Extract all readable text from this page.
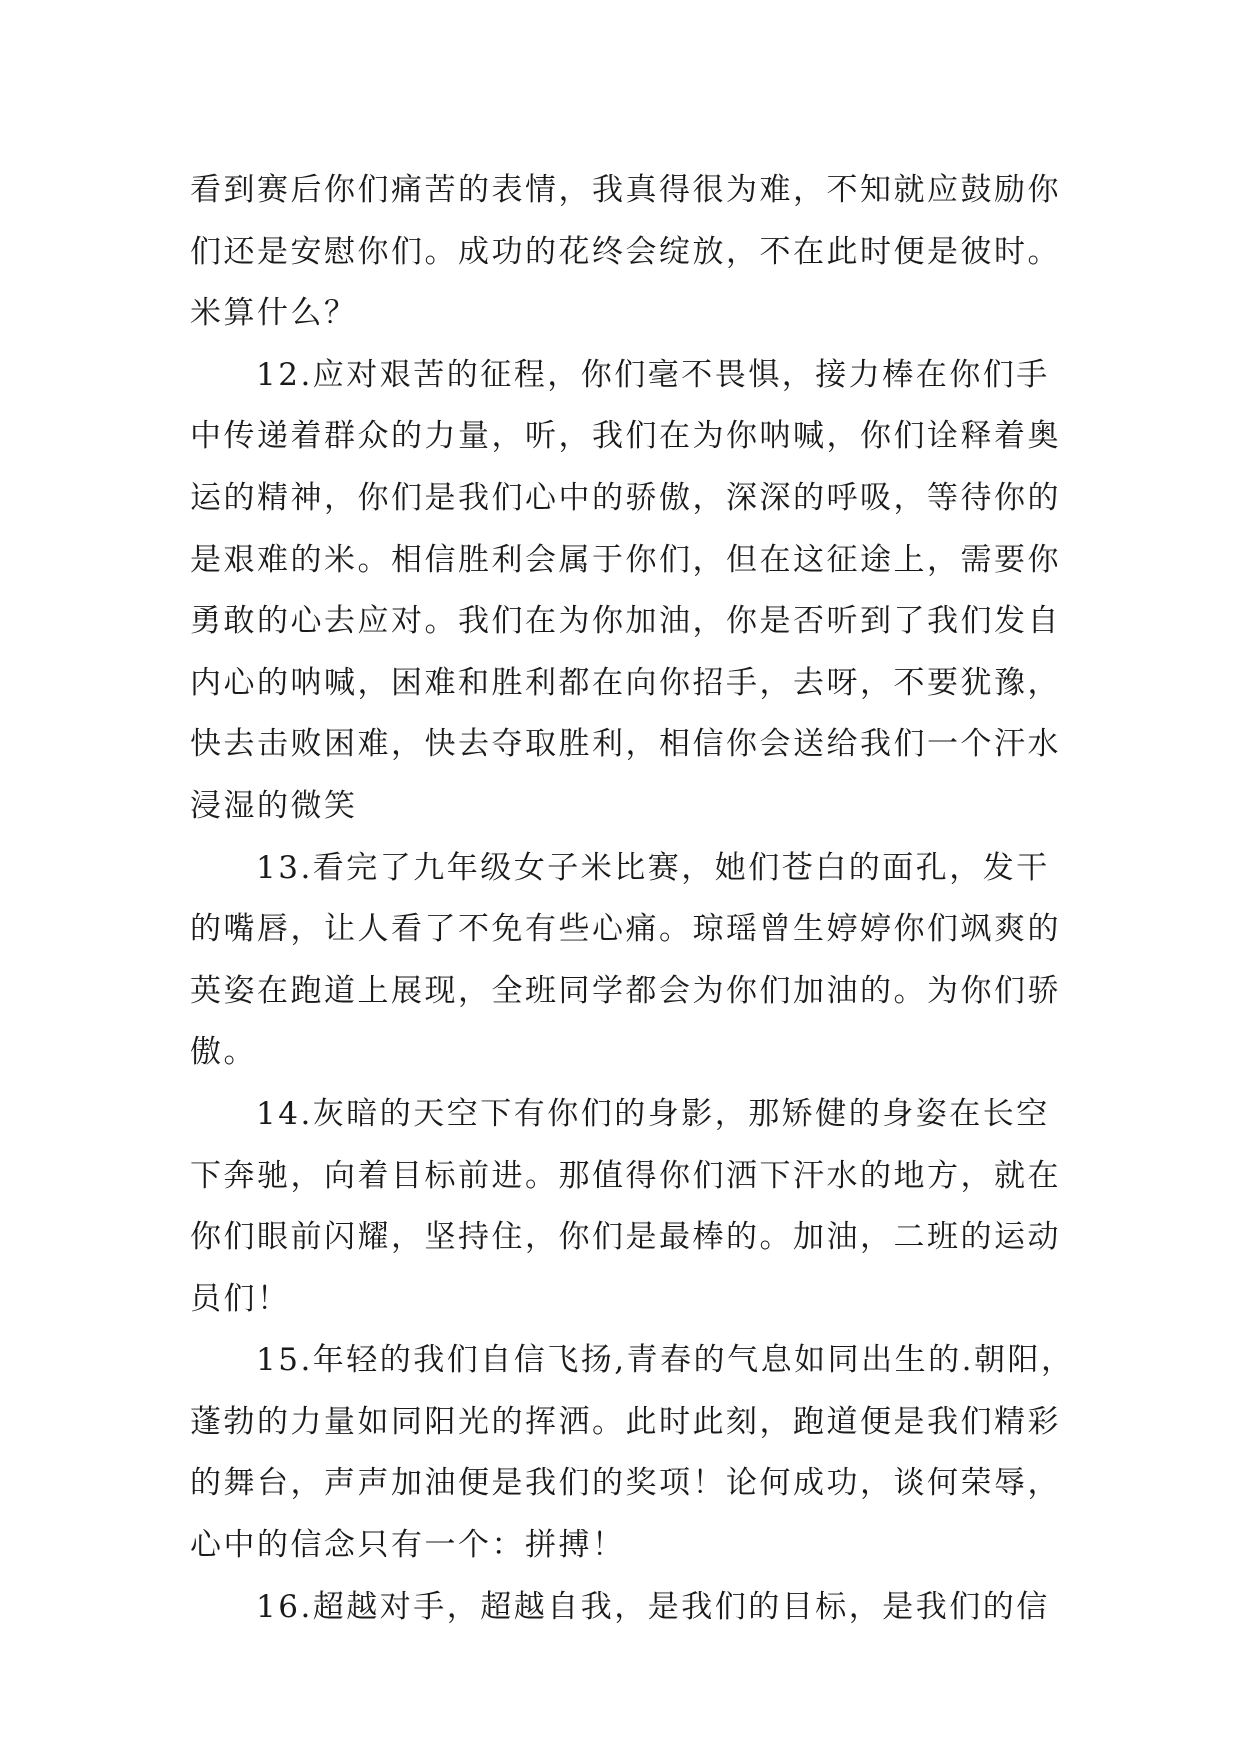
看到赛后你们痛苦的表情，我真得很为难，不知就应鼓励你
们还是安慰你们。成功的花终会绽放，不在此时便是彼时。
米算什么？
12.应对艰苦的征程，你们毫不畏惧，接力棒在你们手
中传递着群众的力量，听，我们在为你呐喊，你们诠释着奥
运的精神，你们是我们心中的骄傲，深深的呼吸，等待你的
是艰难的米。相信胜利会属于你们，但在这征途上，需要你
勇敢的心去应对。我们在为你加油，你是否听到了我们发自
内心的呐喊，困难和胜利都在向你招手，去呀，不要犹豫，
快去击败困难，快去夺取胜利，相信你会送给我们一个汗水
浸湿的微笑
13.看完了九年级女子米比赛，她们苍白的面孔，发干
的嘴唇，让人看了不免有些心痛。琼瑶曾生婷婷你们飒爽的
英姿在跑道上展现，全班同学都会为你们加油的。为你们骄
傲。
14.灰暗的天空下有你们的身影，那矫健的身姿在长空
下奔驰，向着目标前进。那值得你们洒下汗水的地方，就在
你们眼前闪耀，坚持住，你们是最棒的。加油，二班的运动
员们！
15.年轻的我们自信飞扬,青春的气息如同出生的.朝阳，
蓬勃的力量如同阳光的挥洒。此时此刻，跑道便是我们精彩
的舞台，声声加油便是我们的奖项！论何成功，谈何荣辱，
心中的信念只有一个：拼搏！
16.超越对手，超越自我，是我们的目标，是我们的信
